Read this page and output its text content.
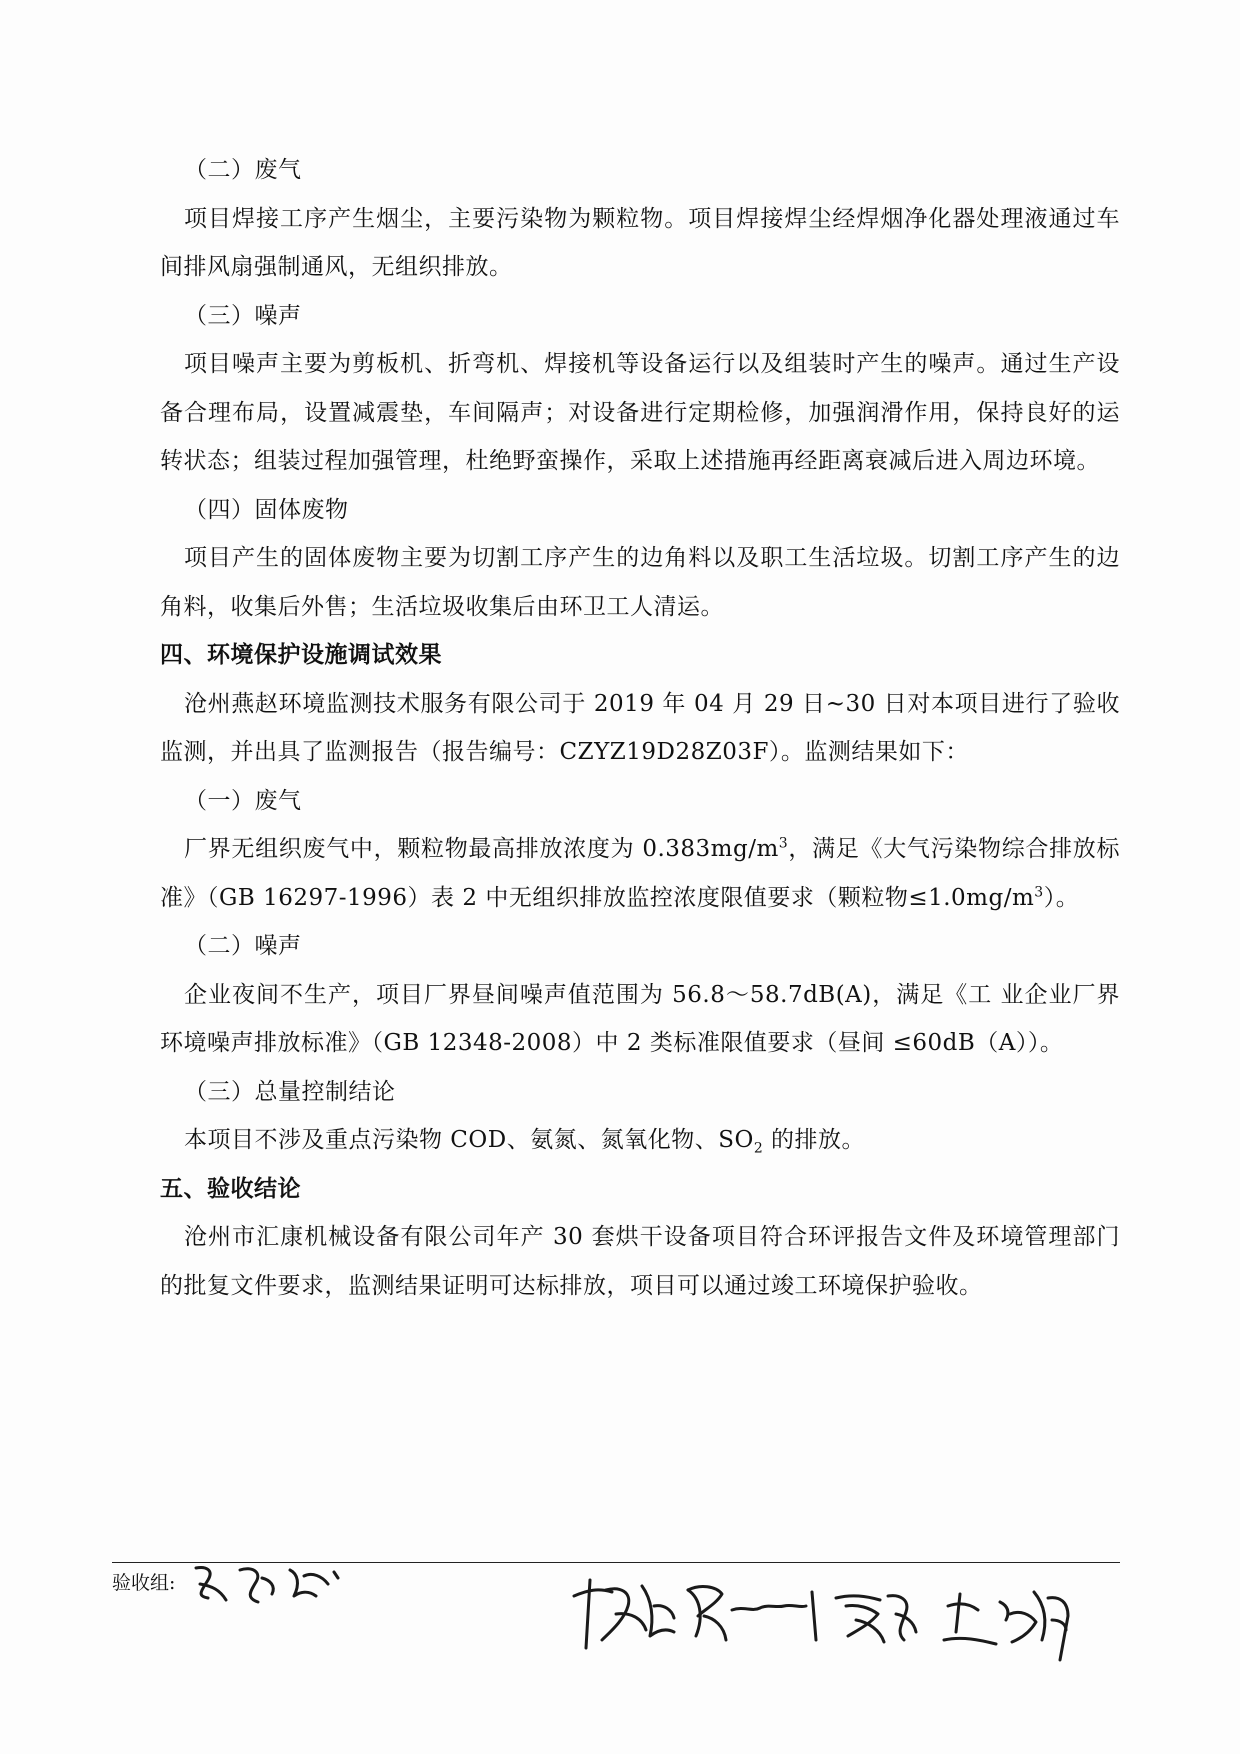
（二）废气

项目焊接工序产生烟尘，主要污染物为颗粒物。项目焊接焊尘经焊烟净化器处理液通过车间排风扇强制通风，无组织排放。

（三）噪声

项目噪声主要为剪板机、折弯机、焊接机等设备运行以及组装时产生的噪声。通过生产设备合理布局，设置减震垫，车间隔声；对设备进行定期检修，加强润滑作用，保持良好的运转状态；组装过程加强管理，杜绝野蛮操作，采取上述措施再经距离衰减后进入周边环境。

（四）固体废物

项目产生的固体废物主要为切割工序产生的边角料以及职工生活垃圾。切割工序产生的边角料，收集后外售；生活垃圾收集后由环卫工人清运。

四、环境保护设施调试效果

沧州燕赵环境监测技术服务有限公司于 2019 年 04 月 29 日~30 日对本项目进行了验收监测，并出具了监测报告（报告编号：CZYZ19D28Z03F）。监测结果如下：

（一）废气

厂界无组织废气中，颗粒物最高排放浓度为 $0.383mg/m^3$，满足《大气污染物综合排放标准》（GB 16297-1996）表 2 中无组织排放监控浓度限值要求（颗粒物$\le 1.0mg/m^3$）。

（二）噪声

企业夜间不生产，项目厂界昼间噪声值范围为 56.8～58.7dB(A)，满足《工 业企业厂界环境噪声排放标准》（GB 12348-2008）中 2 类标准限值要求（昼间 ≤60dB（A））。

（三）总量控制结论

本项目不涉及重点污染物 COD、氨氮、氮氧化物、$SO_2$ 的排放。

五、验收结论

沧州市汇康机械设备有限公司年产 30 套烘干设备项目符合环评报告文件及环境管理部门的批复文件要求，监测结果证明可达标排放，项目可以通过竣工环境保护验收。

验收组:
